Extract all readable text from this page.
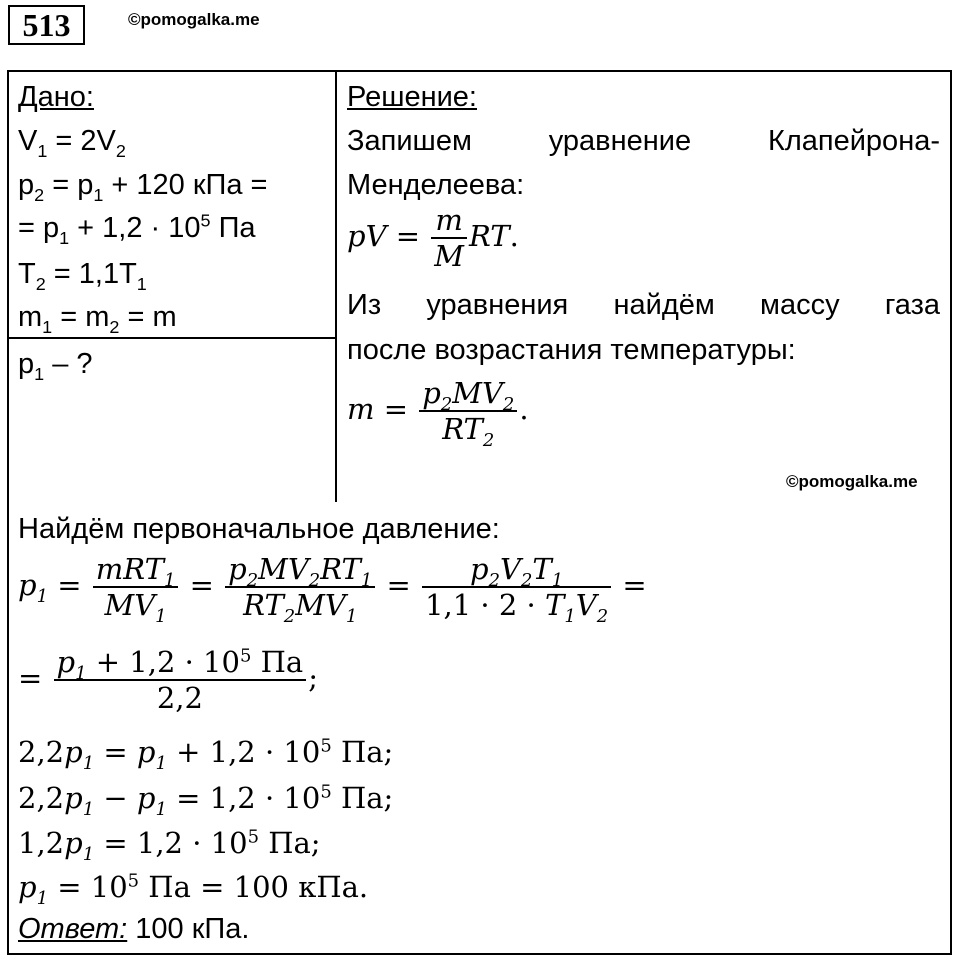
513	©pomogalka.me
Дано:
$V_1 = 2V_2$
$p_2 = p_1 + 120$ кПа =
= $p_1 + 1,2 \cdot 10^5$ Па
$T_2 = 1,1T_1$
$m_1 = m_2 = m$
$p_1$ – ?
Решение:
Запишем уравнение Клапейрона-
Менделеева:
pV = $\frac{m}{M}$ RT.
Из уравнения найдём массу газа
после возрастания температуры:
$m = \frac{p_2MV_2}{RT_2}$ .
©pomogalka.me
Найдём первоначальное давление:
$p_1 = \frac{mRT_1}{MV_1} = \frac{p_2MV_2RT_1}{RT_2MV_1} = \frac{p_2V_2T_1}{1,1 \cdot 2 \cdot T_1V_2}$ =
= $\frac{p_1 + 1,2 \cdot 10^5 Па}{2,2}$ ;
$2,2p_1 = p_1 + 1,2 \cdot 10^5$ Па;
$2,2p_1 - p_1 = 1,2 \cdot 10^5$ Па;
$1,2p_1 = 1,2 \cdot 10^5$ Па;
$p_1 = 10^5$ Па = 100 кПа.
Ответ: 100 кПа.
